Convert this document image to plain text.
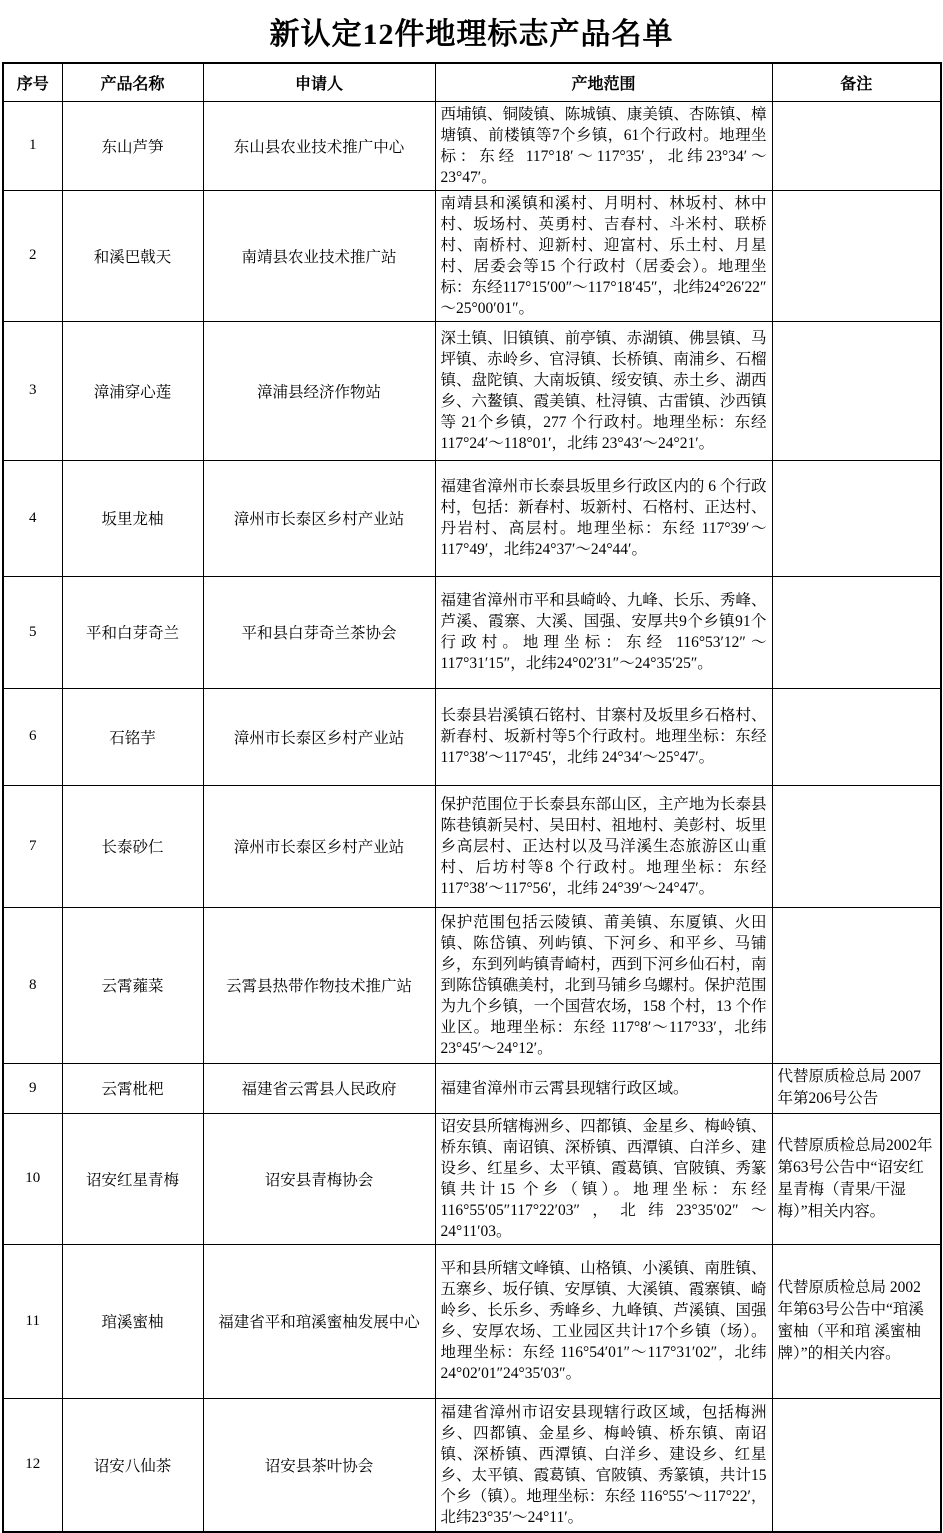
新认定12件地理标志产品名单
序号	产品名称	申请人	产地范围	备注
1	东山芦笋	东山县农业技术推广中心	西埔镇、铜陵镇、陈城镇、康美镇、杏陈镇、樟塘镇、前楼镇等7个乡镇，61个行政村。地理坐标：东经 117°18′～117°35′，北纬23°34′～23°47′。	
2	和溪巴戟天	南靖县农业技术推广站	南靖县和溪镇和溪村、月明村、林坂村、林中村、坂场村、英勇村、吉春村、斗米村、联桥村、南桥村、迎新村、迎富村、乐土村、月星村、居委会等15 个行政村（居委会）。地理坐标：东经117°15′00″～117°18′45″，北纬24°26′22″～25°00′01″。	
3	漳浦穿心莲	漳浦县经济作物站	深土镇、旧镇镇、前亭镇、赤湖镇、佛昙镇、马坪镇、赤岭乡、官浔镇、长桥镇、南浦乡、石榴镇、盘陀镇、大南坂镇、绥安镇、赤土乡、湖西乡、六鳌镇、霞美镇、杜浔镇、古雷镇、沙西镇等 21个乡镇，277 个行政村。地理坐标：东经117°24′～118°01′，北纬 23°43′～24°21′。	
4	坂里龙柚	漳州市长泰区乡村产业站	福建省漳州市长泰县坂里乡行政区内的 6 个行政村，包括：新春村、坂新村、石格村、正达村、丹岩村、高层村。地理坐标：东经 117°39′～117°49′，北纬24°37′～24°44′。	
5	平和白芽奇兰	平和县白芽奇兰茶协会	福建省漳州市平和县崎岭、九峰、长乐、秀峰、芦溪、霞寨、大溪、国强、安厚共9个乡镇91个行政村。地理坐标：东经 116°53′12″～117°31′15″，北纬24°02′31″～24°35′25″。	
6	石铭芋	漳州市长泰区乡村产业站	长泰县岩溪镇石铭村、甘寨村及坂里乡石格村、新春村、坂新村等5个行政村。地理坐标：东经117°38′～117°45′，北纬 24°34′～25°47′。	
7	长泰砂仁	漳州市长泰区乡村产业站	保护范围位于长泰县东部山区，主产地为长泰县陈巷镇新吴村、吴田村、祖地村、美彭村、坂里乡高层村、正达村以及马洋溪生态旅游区山重村、后坊村等8 个行政村。地理坐标：东经 117°38′～117°56′，北纬 24°39′～24°47′。	
8	云霄蕹菜	云霄县热带作物技术推广站	保护范围包括云陵镇、莆美镇、东厦镇、火田镇、陈岱镇、列屿镇、下河乡、和平乡、马铺乡，东到列屿镇青崎村，西到下河乡仙石村，南到陈岱镇礁美村，北到马铺乡乌螺村。保护范围为九个乡镇，一个国营农场，158 个村，13 个作业区。地理坐标：东经 117°8′～117°33′，北纬 23°45′～24°12′。	
9	云霄枇杷	福建省云霄县人民政府	福建省漳州市云霄县现辖行政区域。	代替原质检总局 2007年第206号公告
10	诏安红星青梅	诏安县青梅协会	诏安县所辖梅洲乡、四都镇、金星乡、梅岭镇、桥东镇、南诏镇、深桥镇、西潭镇、白洋乡、建设乡、红星乡、太平镇、霞葛镇、官陂镇、秀篆镇共计15 个乡（镇）。地理坐标：东经116°55′05″117°22′03″，北纬23°35′02″～24°11′03。	代替原质检总局2002年第63号公告中“诏安红星青梅（青果/干湿梅）”相关内容。
11	琯溪蜜柚	福建省平和琯溪蜜柚发展中心	平和县所辖文峰镇、山格镇、小溪镇、南胜镇、五寨乡、坂仔镇、安厚镇、大溪镇、霞寨镇、崎岭乡、长乐乡、秀峰乡、九峰镇、芦溪镇、国强乡、安厚农场、工业园区共计17个乡镇（场）。地理坐标：东经 116°54′01″～117°31′02″，北纬24°02′01″24°35′03″。	代替原质检总局 2002年第63号公告中“琯溪蜜柚（平和琯 溪蜜柚牌）”的相关内容。
12	诏安八仙茶	诏安县茶叶协会	福建省漳州市诏安县现辖行政区域，包括梅洲乡、四都镇、金星乡、梅岭镇、桥东镇、南诏镇、深桥镇、西潭镇、白洋乡、建设乡、红星乡、太平镇、霞葛镇、官陂镇、秀篆镇，共计15个乡（镇）。地理坐标：东经 116°55′～117°22′，北纬23°35′～24°11′。	
